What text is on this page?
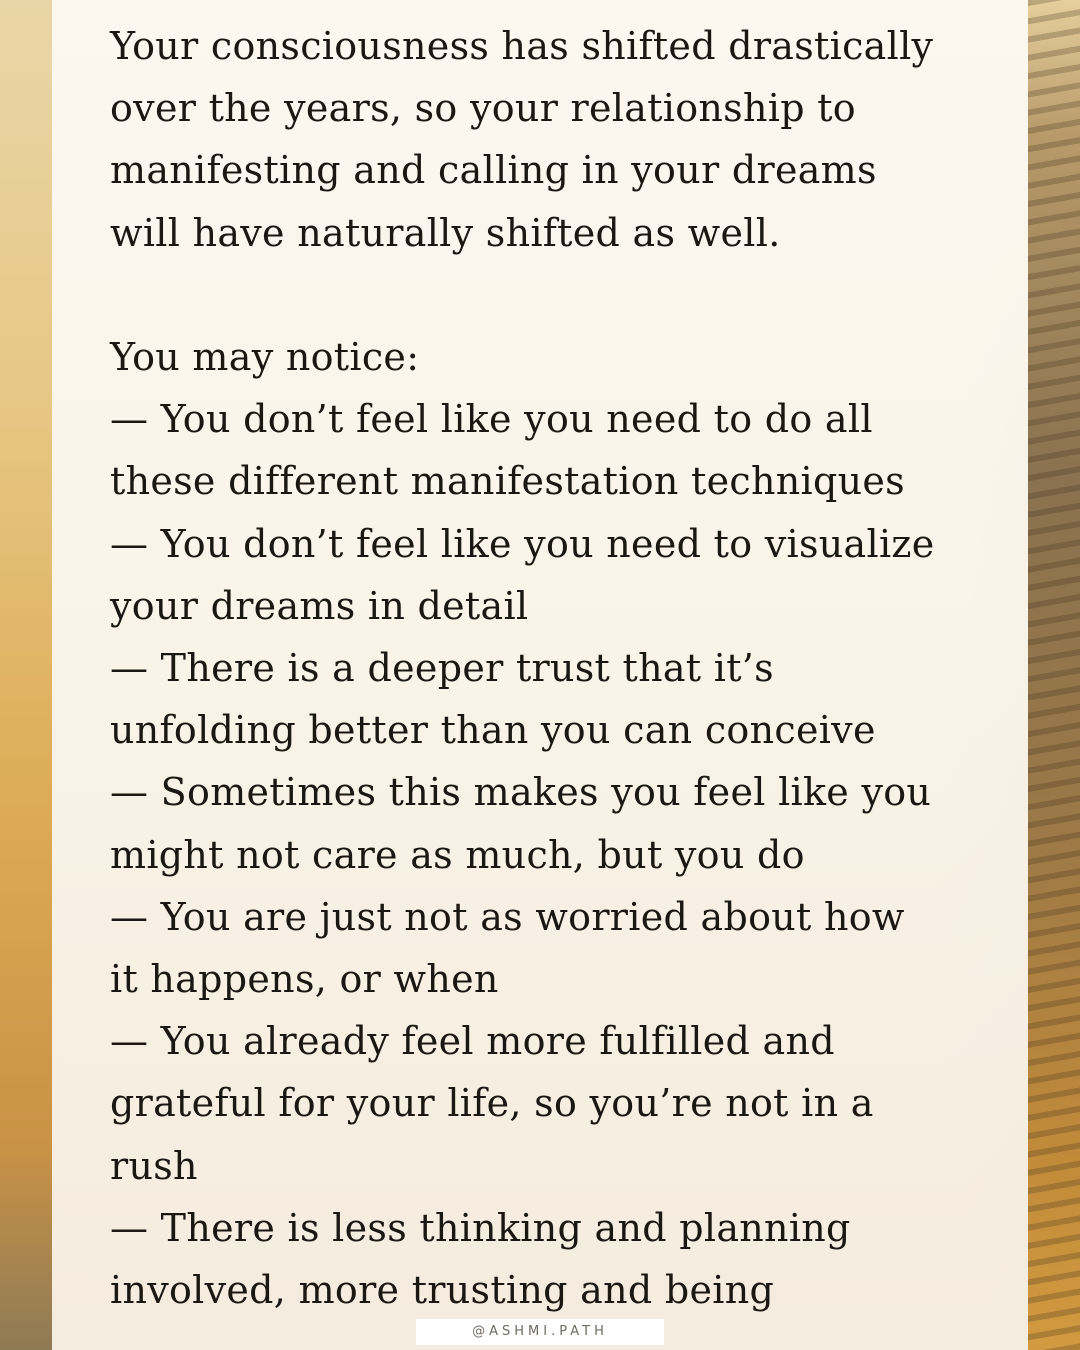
Your consciousness has shifted drastically
over the years, so your relationship to
manifesting and calling in your dreams
will have naturally shifted as well.
You may notice:
— You don’t feel like you need to do all
these different manifestation techniques
— You don’t feel like you need to visualize
your dreams in detail
— There is a deeper trust that it’s
unfolding better than you can conceive
— Sometimes this makes you feel like you
might not care as much, but you do
— You are just not as worried about how
it happens, or when
— You already feel more fulfilled and
grateful for your life, so you’re not in a
rush
— There is less thinking and planning
involved, more trusting and being
@ASHMI.PATH
